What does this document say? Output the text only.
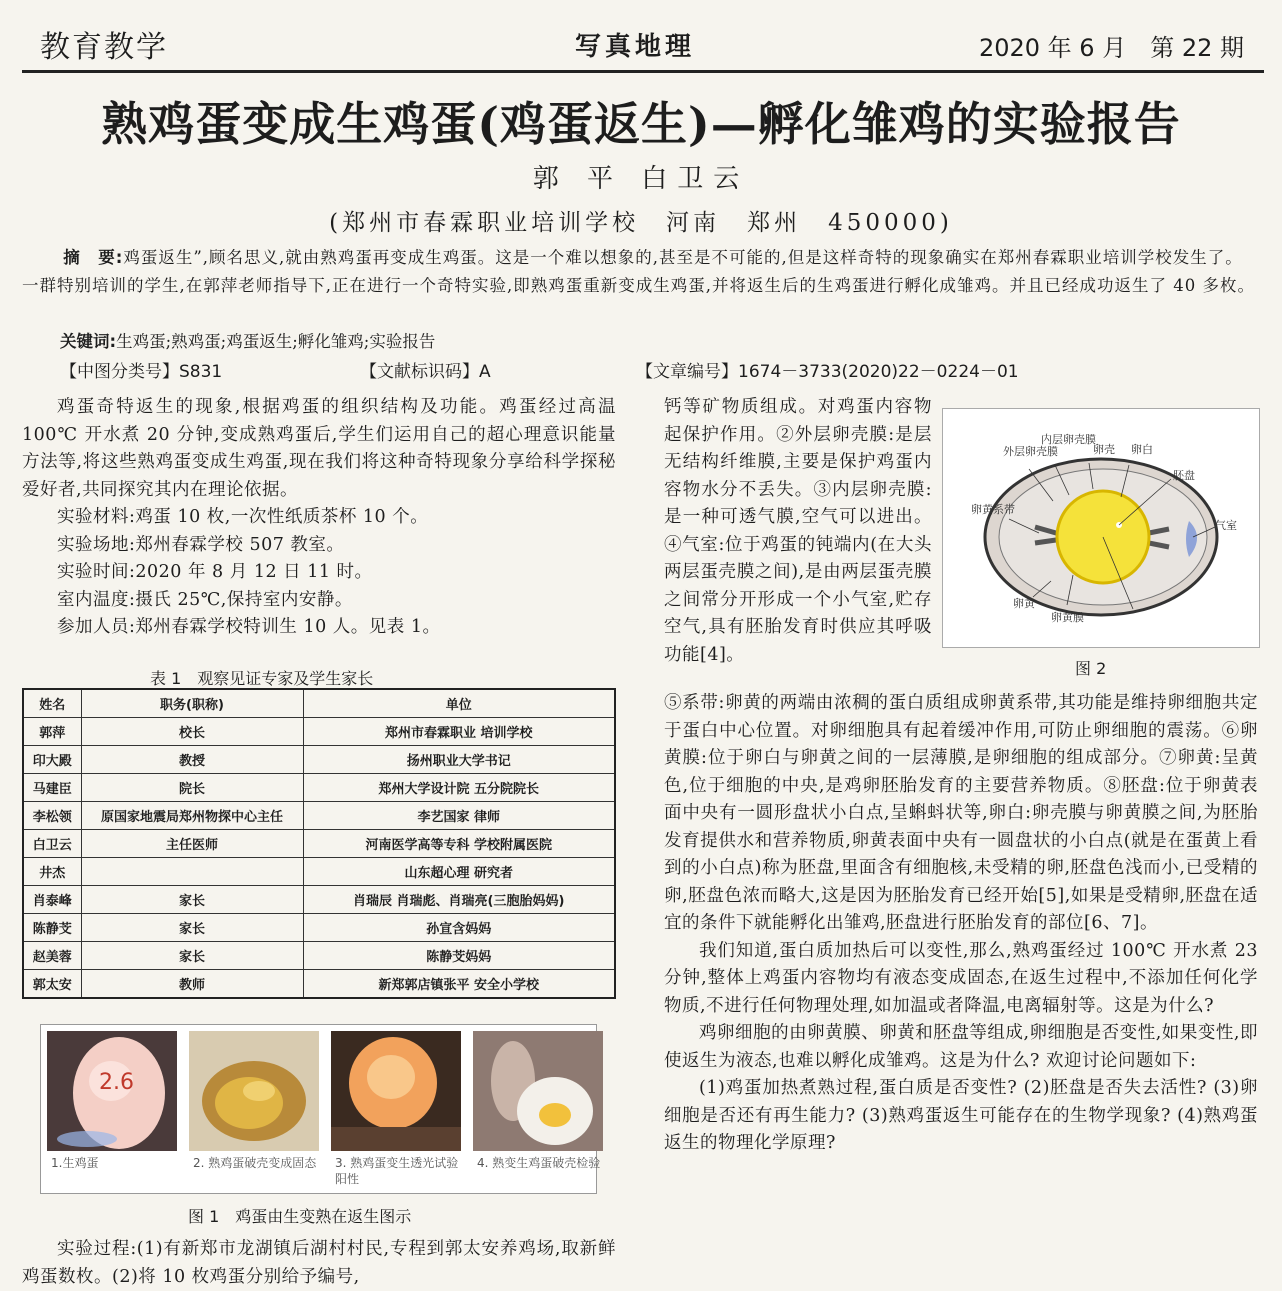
教育教学	写真地理	2020 年 6 月　第 22 期
熟鸡蛋变成生鸡蛋(鸡蛋返生)—孵化雏鸡的实验报告
郭 平 白卫云
(郑州市春霖职业培训学校　河南　郑州　450000)
摘　要:鸡蛋返生”,顾名思义,就由熟鸡蛋再变成生鸡蛋。这是一个难以想象的,甚至是不可能的,但是这样奇特的现象确实在郑州春霖职业培训学校发生了。一群特别培训的学生,在郭萍老师指导下,正在进行一个奇特实验,即熟鸡蛋重新变成生鸡蛋,并将返生后的生鸡蛋进行孵化成雏鸡。并且已经成功返生了 40 多枚。
关键词:生鸡蛋;熟鸡蛋;鸡蛋返生;孵化雏鸡;实验报告
【中图分类号】S831	【文献标识码】A	【文章编号】1674－3733(2020)22－0224－01

鸡蛋奇特返生的现象,根据鸡蛋的组织结构及功能。鸡蛋经过高温 100℃ 开水煮 20 分钟,变成熟鸡蛋后,学生们运用自己的超心理意识能量方法等,将这些熟鸡蛋变成生鸡蛋,现在我们将这种奇特现象分享给科学探秘爱好者,共同探究其内在理论依据。

实验材料:鸡蛋 10 枚,一次性纸质茶杯 10 个。

实验场地:郑州春霖学校 507 教室。

实验时间:2020 年 8 月 12 日 11 时。

室内温度:摄氏 25℃,保持室内安静。

参加人员:郑州春霖学校特训生 10 人。见表 1。

表 1　观察见证专家及学生家长
姓名	职务(职称)	单位
郭萍	校长	郑州市春霖职业 培训学校
印大殿	教授	扬州职业大学书记
马建臣	院长	郑州大学设计院 五分院院长
李松领	原国家地震局郑州物探中心主任	李艺国家 律师
白卫云	主任医师	河南医学高等专科 学校附属医院
井杰		山东超心理 研究者
肖泰峰	家长	肖瑞辰 肖瑞彪、肖瑞亮(三胞胎妈妈)
陈静芠	家长	孙宣含妈妈
赵美蓉	家长	陈静芠妈妈
郭太安	教师	新郑郭店镇张平 安全小学校
2.6
1.生鸡蛋	2. 熟鸡蛋破壳变成固态 3. 熟鸡蛋变生透光试验阳性
4. 熟变生鸡蛋破壳检验
图 1　鸡蛋由生变熟在返生图示

实验过程:(1)有新郑市龙湖镇后湖村村民,专程到郭太安养鸡场,取新鲜鸡蛋数枚。(2)将 10 枚鸡蛋分别给予编号,

外层卵壳膜
内层卵壳膜
卵壳 卵白
胚盘
卵黄系带
气室
卵黄
卵黄膜
图 2

钙等矿物质组成。对鸡蛋内容物起保护作用。②外层卵壳膜:是层无结构纤维膜,主要是保护鸡蛋内容物水分不丢失。③内层卵壳膜:是一种可透气膜,空气可以进出。④气室:位于鸡蛋的钝端内(在大头两层蛋壳膜之间),是由两层蛋壳膜之间常分开形成一个小气室,贮存空气,具有胚胎发育时供应其呼吸功能[4]。

⑤系带:卵黄的两端由浓稠的蛋白质组成卵黄系带,其功能是维持卵细胞共定于蛋白中心位置。对卵细胞具有起着缓冲作用,可防止卵细胞的震荡。⑥卵黄膜:位于卵白与卵黄之间的一层薄膜,是卵细胞的组成部分。⑦卵黄:呈黄色,位于细胞的中央,是鸡卵胚胎发育的主要营养物质。⑧胚盘:位于卵黄表面中央有一圆形盘状小白点,呈蝌蚪状等,卵白:卵壳膜与卵黄膜之间,为胚胎发育提供水和营养物质,卵黄表面中央有一圆盘状的小白点(就是在蛋黄上看到的小白点)称为胚盘,里面含有细胞核,未受精的卵,胚盘色浅而小,已受精的卵,胚盘色浓而略大,这是因为胚胎发育已经开始[5],如果是受精卵,胚盘在适宜的条件下就能孵化出雏鸡,胚盘进行胚胎发育的部位[6、7]。

我们知道,蛋白质加热后可以变性,那么,熟鸡蛋经过 100℃ 开水煮 23 分钟,整体上鸡蛋内容物均有液态变成固态,在返生过程中,不添加任何化学物质,不进行任何物理处理,如加温或者降温,电离辐射等。这是为什么?

鸡卵细胞的由卵黄膜、卵黄和胚盘等组成,卵细胞是否变性,如果变性,即使返生为液态,也难以孵化成雏鸡。这是为什么? 欢迎讨论问题如下:

(1)鸡蛋加热煮熟过程,蛋白质是否变性? (2)胚盘是否失去活性? (3)卵细胞是否还有再生能力? (3)熟鸡蛋返生可能存在的生物学现象? (4)熟鸡蛋返生的物理化学原理?
